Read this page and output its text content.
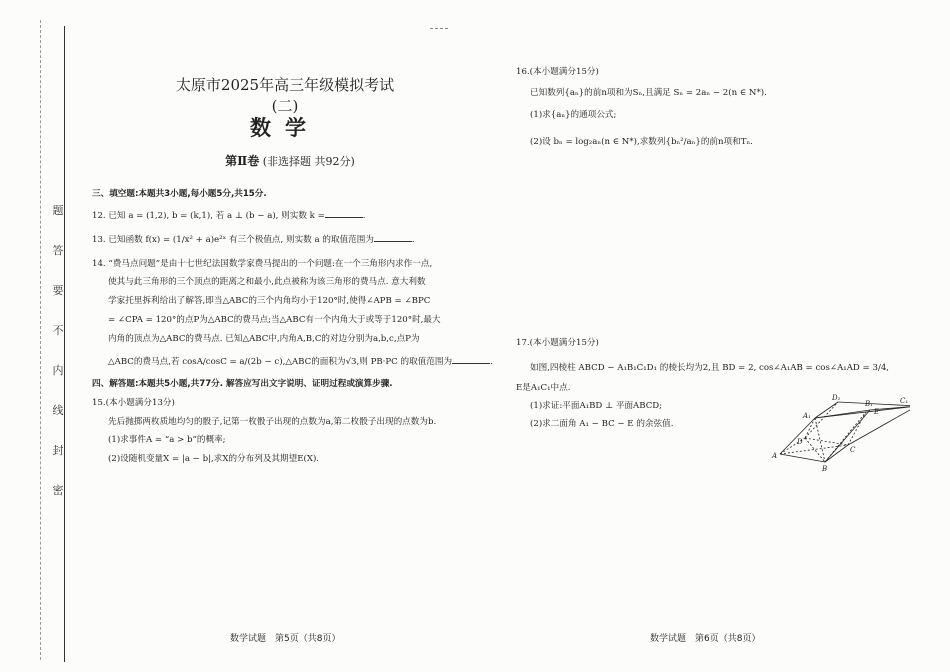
题
答
要
不
内
线
封
密
太原市2025年高三年级模拟考试(二)
数学
第Ⅱ卷 (非选择题 共92分)
三、填空题:本题共3小题,每小题5分,共15分.
12. 已知 a = (1,2), b = (k,1), 若 a ⊥ (b − a), 则实数 k =	.
13. 已知函数 f(x) = (1/x² + a)e²ˣ 有三个极值点, 则实数 a 的取值范围为	.
14. “费马点问题”是由十七世纪法国数学家费马提出的一个问题:在一个三角形内求作一点,
使其与此三角形的三个顶点的距离之和最小,此点被称为该三角形的费马点. 意大利数
学家托里拆利给出了解答,即当△ABC的三个内角均小于120°时,使得∠APB = ∠BPC
= ∠CPA = 120°的点P为△ABC的费马点;当△ABC有一个内角大于或等于120°时,最大
内角的顶点为△ABC的费马点. 已知△ABC中,内角A,B,C的对边分别为a,b,c,点P为
△ABC的费马点,若 cosA/cosC = a/(2b − c),△ABC的面积为√3,则 PB·PC 的取值范围为	.
四、解答题:本题共5小题,共77分. 解答应写出文字说明、证明过程或演算步骤.
15.(本小题满分13分)
先后抛掷两枚质地均匀的骰子,记第一枚骰子出现的点数为a,第二枚骰子出现的点数为b.
(1)求事件A = “a > b”的概率;
(2)设随机变量X = |a − b|,求X的分布列及其期望E(X).
数学试题　第5页（共8页）
16.(本小题满分15分)
已知数列{aₙ}的前n项和为Sₙ,且满足 Sₙ = 2aₙ − 2(n ∈ N*).
(1)求{aₙ}的通项公式;
(2)设 bₙ = log₂aₙ(n ∈ N*),求数列{bₙ²/aₙ}的前n项和Tₙ.
17.(本小题满分15分)
如图,四棱柱 ABCD − A₁B₁C₁D₁ 的棱长均为2,且 BD = 2, cos∠A₁AB = cos∠A₁AD = 3/4,
E是A₁C₁中点.
(1)求证:平面A₁BD ⊥ 平面ABCD;
(2)求二面角 A₁ − BC − E 的余弦值.
数学试题　第6页（共8页）
A
B
C
D
A₁
B₁	C₁
D₁
E
